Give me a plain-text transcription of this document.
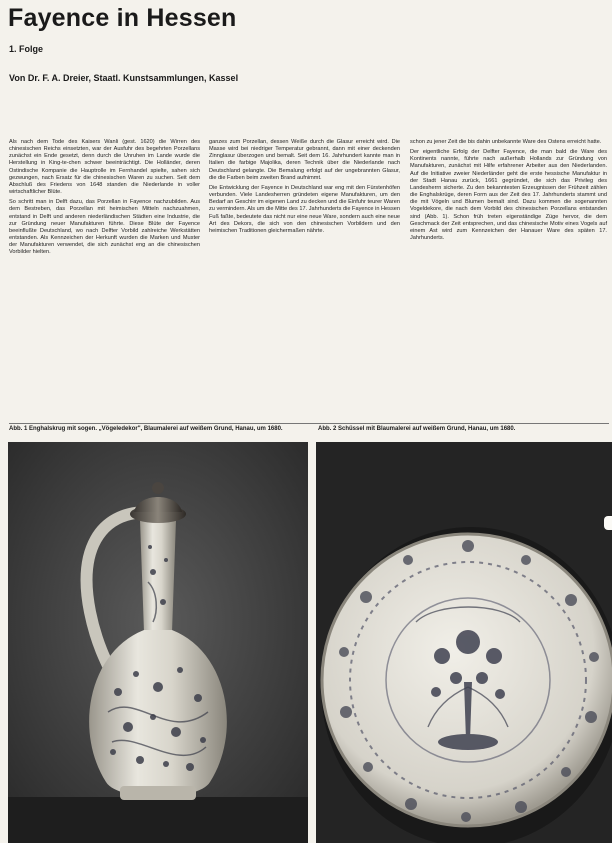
Fayence in Hessen
1. Folge
Von Dr. F. A. Dreier, Staatl. Kunstsammlungen, Kassel

Als nach dem Tode des Kaisers Wanli (gest. 1620) die Wirren des chinesischen Reichs einsetzten, war der Ausfuhr des begehrten Porzellans zunächst ein Ende gesetzt, denn durch die Unruhen im Lande wurde die Herstellung in King-te-chen schwer beeinträchtigt. Die Holländer, deren Ostindische Kompanie die Hauptrolle im Fernhandel spielte, sahen sich gezwungen, nach Ersatz für die chinesischen Waren zu suchen. Seit dem Abschluß des Friedens von 1648 standen die Niederlande in voller wirtschaftlicher Blüte.

So schritt man in Delft dazu, das Porzellan in Fayence nachzubilden. Aus dem Bestreben, das Porzellan mit heimischen Mitteln nachzuahmen, entstand in Delft und anderen niederländischen Städten eine Industrie, die zur Gründung neuer Manufakturen führte. Diese Blüte der Fayence beeinflußte Deutschland, wo nach Delfter Vorbild zahlreiche Werkstätten entstanden. Als Kennzeichen der Herkunft wurden die Marken und Muster der Manufakturen verwendet, die sich zunächst eng an die chinesischen Vorbilder hielten.

ganzes zum Porzellan, dessen Weiße durch die Glasur erreicht wird. Die Masse wird bei niedriger Temperatur gebrannt, dann mit einer deckenden Zinnglasur überzogen und bemalt. Seit dem 16. Jahrhundert kannte man in Italien die farbige Majolika, deren Technik über die Niederlande nach Deutschland gelangte. Die Bemalung erfolgt auf der ungebrannten Glasur, die die Farben beim zweiten Brand aufnimmt.

Die Entwicklung der Fayence in Deutschland war eng mit den Fürstenhöfen verbunden. Viele Landesherren gründeten eigene Manufakturen, um den Bedarf an Geschirr im eigenen Land zu decken und die Einfuhr teurer Waren zu vermindern. Als um die Mitte des 17. Jahrhunderts die Fayence in Hessen Fuß faßte, bedeutete das nicht nur eine neue Ware, sondern auch eine neue Art des Dekors, die sich von den chinesischen Vorbildern und den heimischen Traditionen gleichermaßen nährte.

schon zu jener Zeit die bis dahin unbekannte Ware des Ostens erreicht hatte.

Der eigentliche Erfolg der Delfter Fayence, die man bald die Ware des Kontinents nannte, führte nach außerhalb Hollands zur Gründung von Manufakturen, zunächst mit Hilfe erfahrener Arbeiter aus den Niederlanden. Auf die Initiative zweier Niederländer geht die erste hessische Manufaktur in der Stadt Hanau zurück, 1661 gegründet, die sich das Privileg des Landesherrn sicherte. Zu den bekanntesten Erzeugnissen der Frühzeit zählen die Enghalskrüge, deren Form aus der Zeit des 17. Jahrhunderts stammt und die mit Vögeln und Blumen bemalt sind. Dazu kommen die sogenannten Vogeldekore, die nach dem Vorbild des chinesischen Porzellans entstanden sind (Abb. 1). Schon früh treten eigenständige Züge hervor, die dem Geschmack der Zeit entsprechen, und das chinesische Motiv eines Vogels auf einem Ast wird zum Kennzeichen der Hanauer Ware des späten 17. Jahrhunderts.

Abb. 1 Enghalskrug mit sogen. „Vögeledekor", Blaumalerei auf weißem Grund, Hanau, um 1680.	Abb. 2 Schüssel mit Blaumalerei auf weißem Grund, Hanau, um 1680.
